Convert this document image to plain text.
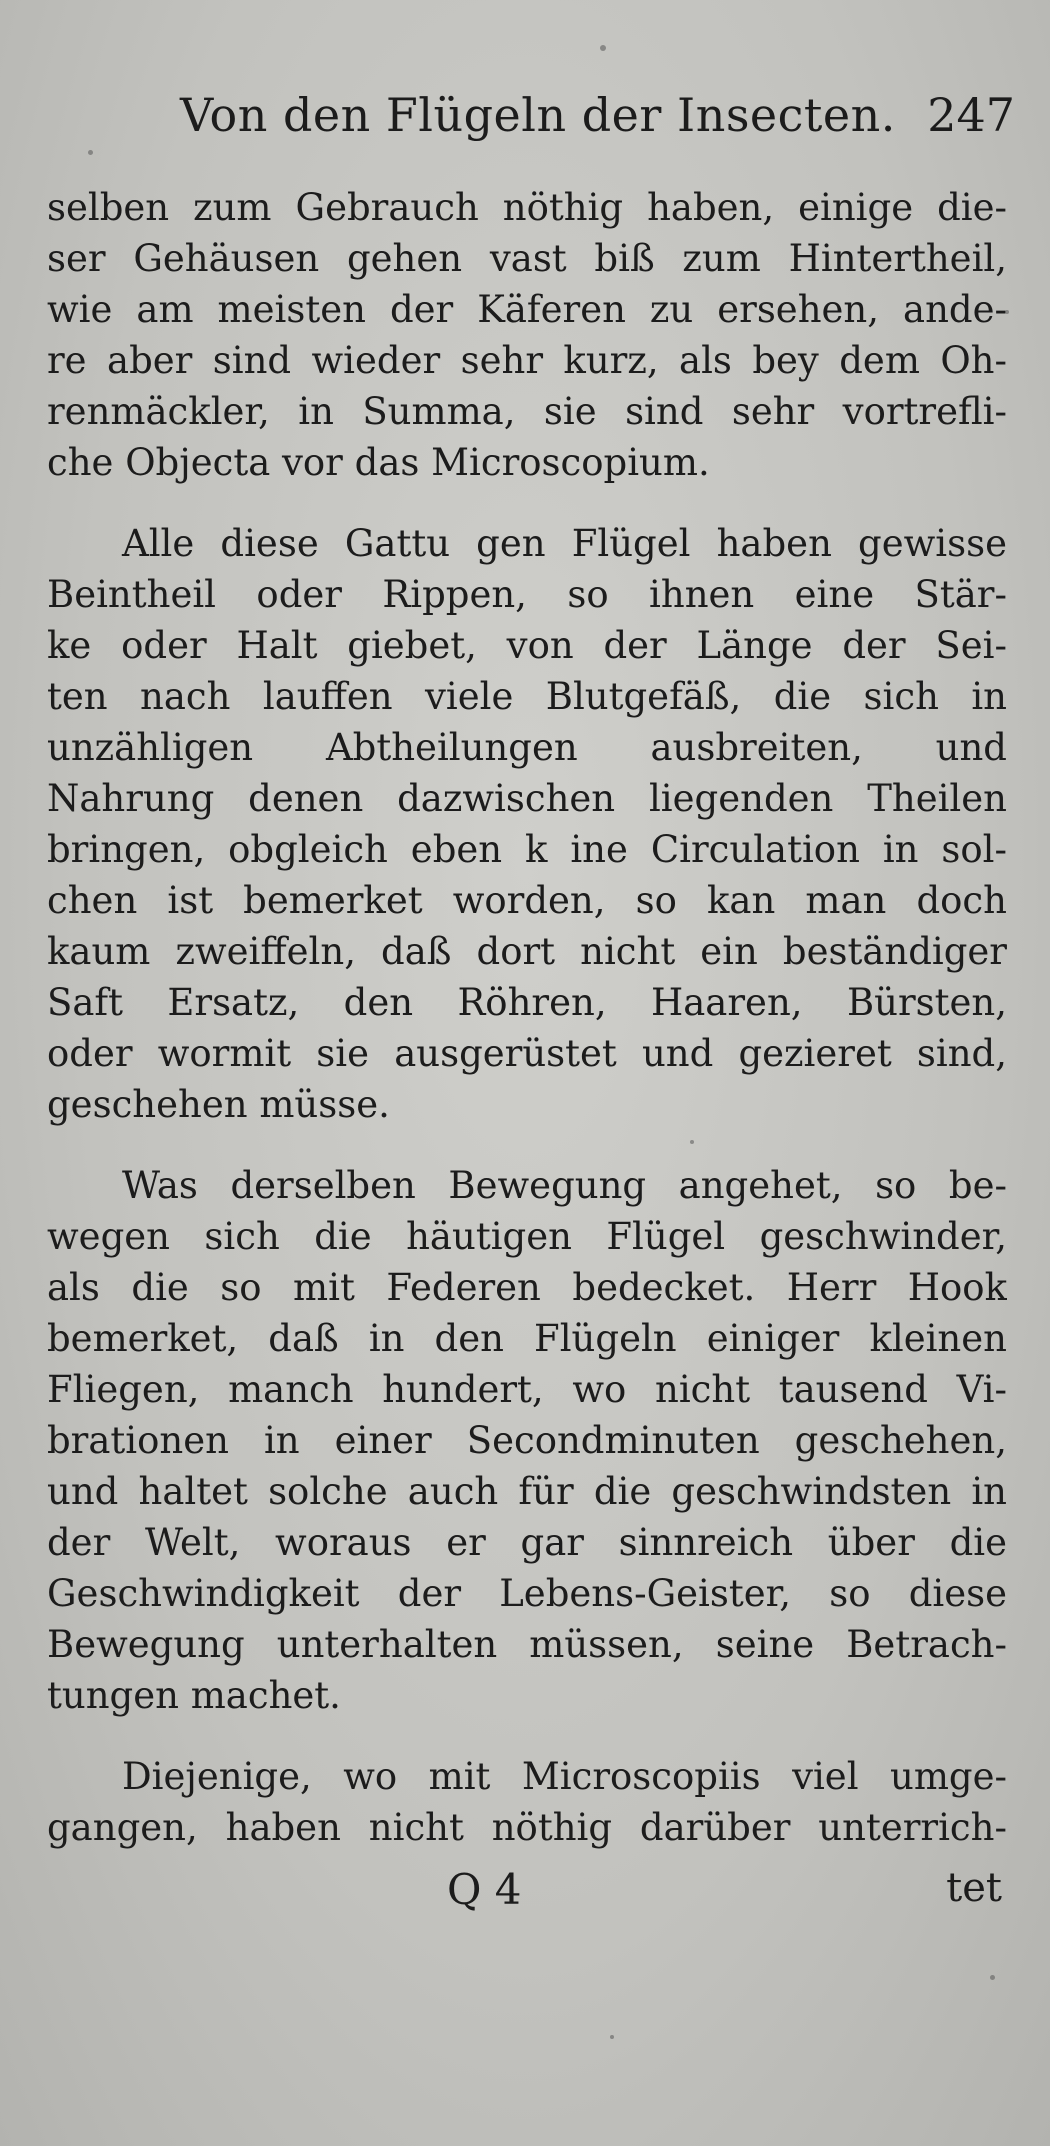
Von den Flügeln der Insecten. 247
selben zum Gebrauch nöthig haben, einige die-
ser Gehäusen gehen vast biß zum Hintertheil,
wie am meisten der Käferen zu ersehen, ande-
re aber sind wieder sehr kurz, als bey dem Oh-
renmäckler, in Summa, sie sind sehr vortrefli-
che Objecta vor das Microscopium.
Alle diese Gattu gen Flügel haben gewisse
Beintheil oder Rippen, so ihnen eine Stär-
ke oder Halt giebet, von der Länge der Sei-
ten nach lauffen viele Blutgefäß, die sich in
unzähligen Abtheilungen ausbreiten, und
Nahrung denen dazwischen liegenden Theilen
bringen, obgleich eben k ine Circulation in sol-
chen ist bemerket worden, so kan man doch
kaum zweiffeln, daß dort nicht ein beständiger
Saft Ersatz, den Röhren, Haaren, Bürsten,
oder wormit sie ausgerüstet und gezieret sind,
geschehen müsse.
Was derselben Bewegung angehet, so be-
wegen sich die häutigen Flügel geschwinder,
als die so mit Federen bedecket. Herr Hook
bemerket, daß in den Flügeln einiger kleinen
Fliegen, manch hundert, wo nicht tausend Vi-
brationen in einer Secondminuten geschehen,
und haltet solche auch für die geschwindsten in
der Welt, woraus er gar sinnreich über die
Geschwindigkeit der Lebens-Geister, so diese
Bewegung unterhalten müssen, seine Betrach-
tungen machet.
Diejenige, wo mit Microscopiis viel umge-
gangen, haben nicht nöthig darüber unterrich-
Q 4	tet
